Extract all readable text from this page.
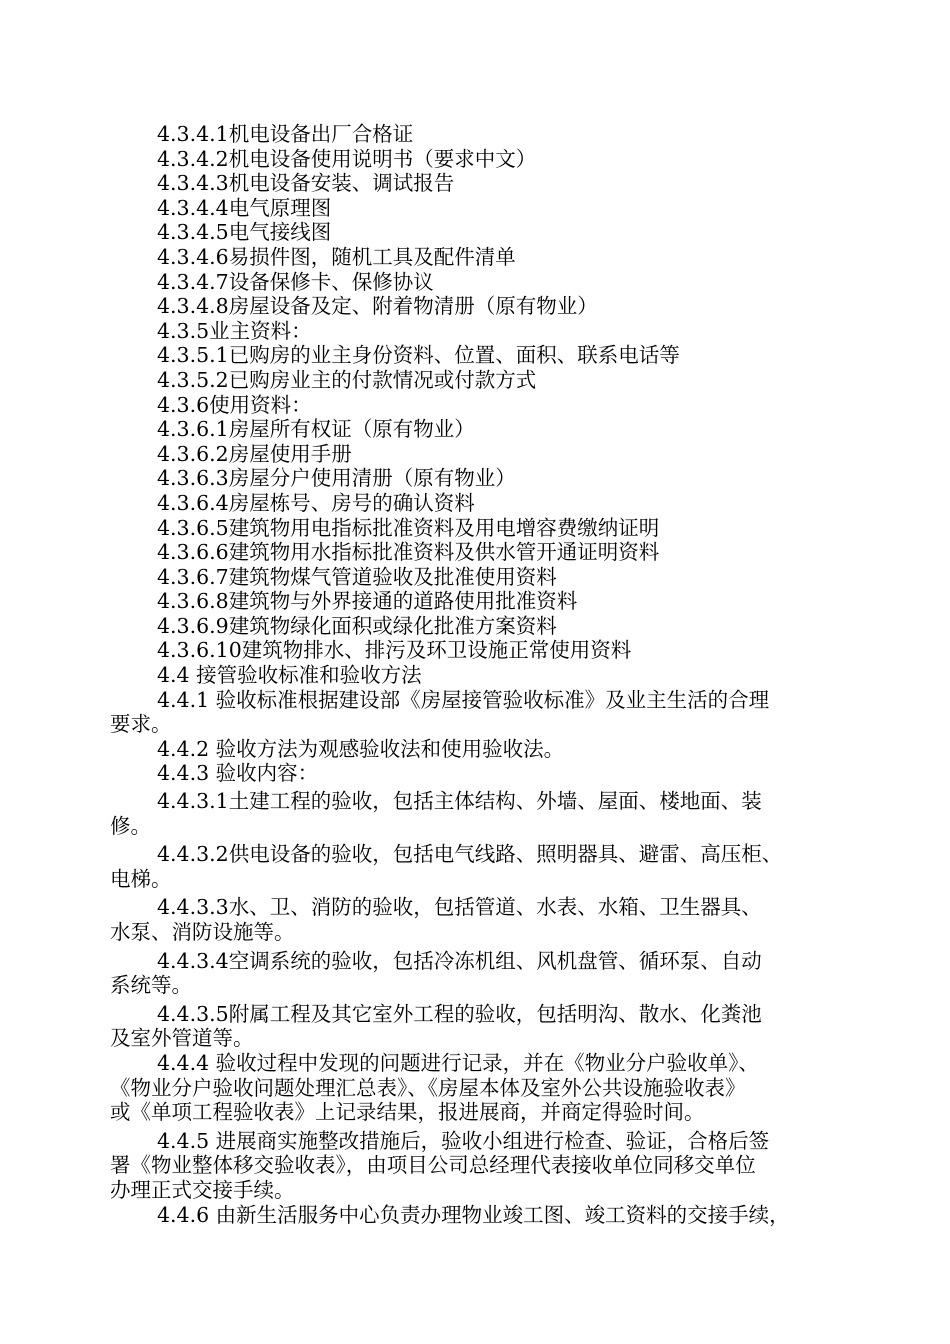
4.3.4.1机电设备出厂合格证
4.3.4.2机电设备使用说明书（要求中文）
4.3.4.3机电设备安装、调试报告
4.3.4.4电气原理图
4.3.4.5电气接线图
4.3.4.6易损件图，随机工具及配件清单
4.3.4.7设备保修卡、保修协议
4.3.4.8房屋设备及定、附着物清册（原有物业）
4.3.5业主资料：
4.3.5.1已购房的业主身份资料、位置、面积、联系电话等
4.3.5.2已购房业主的付款情况或付款方式
4.3.6使用资料：
4.3.6.1房屋所有权证（原有物业）
4.3.6.2房屋使用手册
4.3.6.3房屋分户使用清册（原有物业）
4.3.6.4房屋栋号、房号的确认资料
4.3.6.5建筑物用电指标批准资料及用电增容费缴纳证明
4.3.6.6建筑物用水指标批准资料及供水管开通证明资料
4.3.6.7建筑物煤气管道验收及批准使用资料
4.3.6.8建筑物与外界接通的道路使用批准资料
4.3.6.9建筑物绿化面积或绿化批准方案资料
4.3.6.10建筑物排水、排污及环卫设施正常使用资料
4.4 接管验收标准和验收方法
4.4.1 验收标准根据建设部《房屋接管验收标准》及业主生活的合理
要求。
4.4.2 验收方法为观感验收法和使用验收法。
4.4.3 验收内容：
4.4.3.1土建工程的验收，包括主体结构、外墙、屋面、楼地面、装
修。
4.4.3.2供电设备的验收，包括电气线路、照明器具、避雷、高压柜、
电梯。
4.4.3.3水、卫、消防的验收，包括管道、水表、水箱、卫生器具、
水泵、消防设施等。
4.4.3.4空调系统的验收，包括冷冻机组、风机盘管、循环泵、自动
系统等。
4.4.3.5附属工程及其它室外工程的验收，包括明沟、散水、化粪池
及室外管道等。
4.4.4 验收过程中发现的问题进行记录，并在《物业分户验收单》、
《物业分户验收问题处理汇总表》、《房屋本体及室外公共设施验收表》
或《单项工程验收表》上记录结果，报进展商，并商定得验时间。
4.4.5 进展商实施整改措施后，验收小组进行检查、验证，合格后签
署《物业整体移交验收表》，由项目公司总经理代表接收单位同移交单位
办理正式交接手续。
4.4.6 由新生活服务中心负责办理物业竣工图、竣工资料的交接手续，
